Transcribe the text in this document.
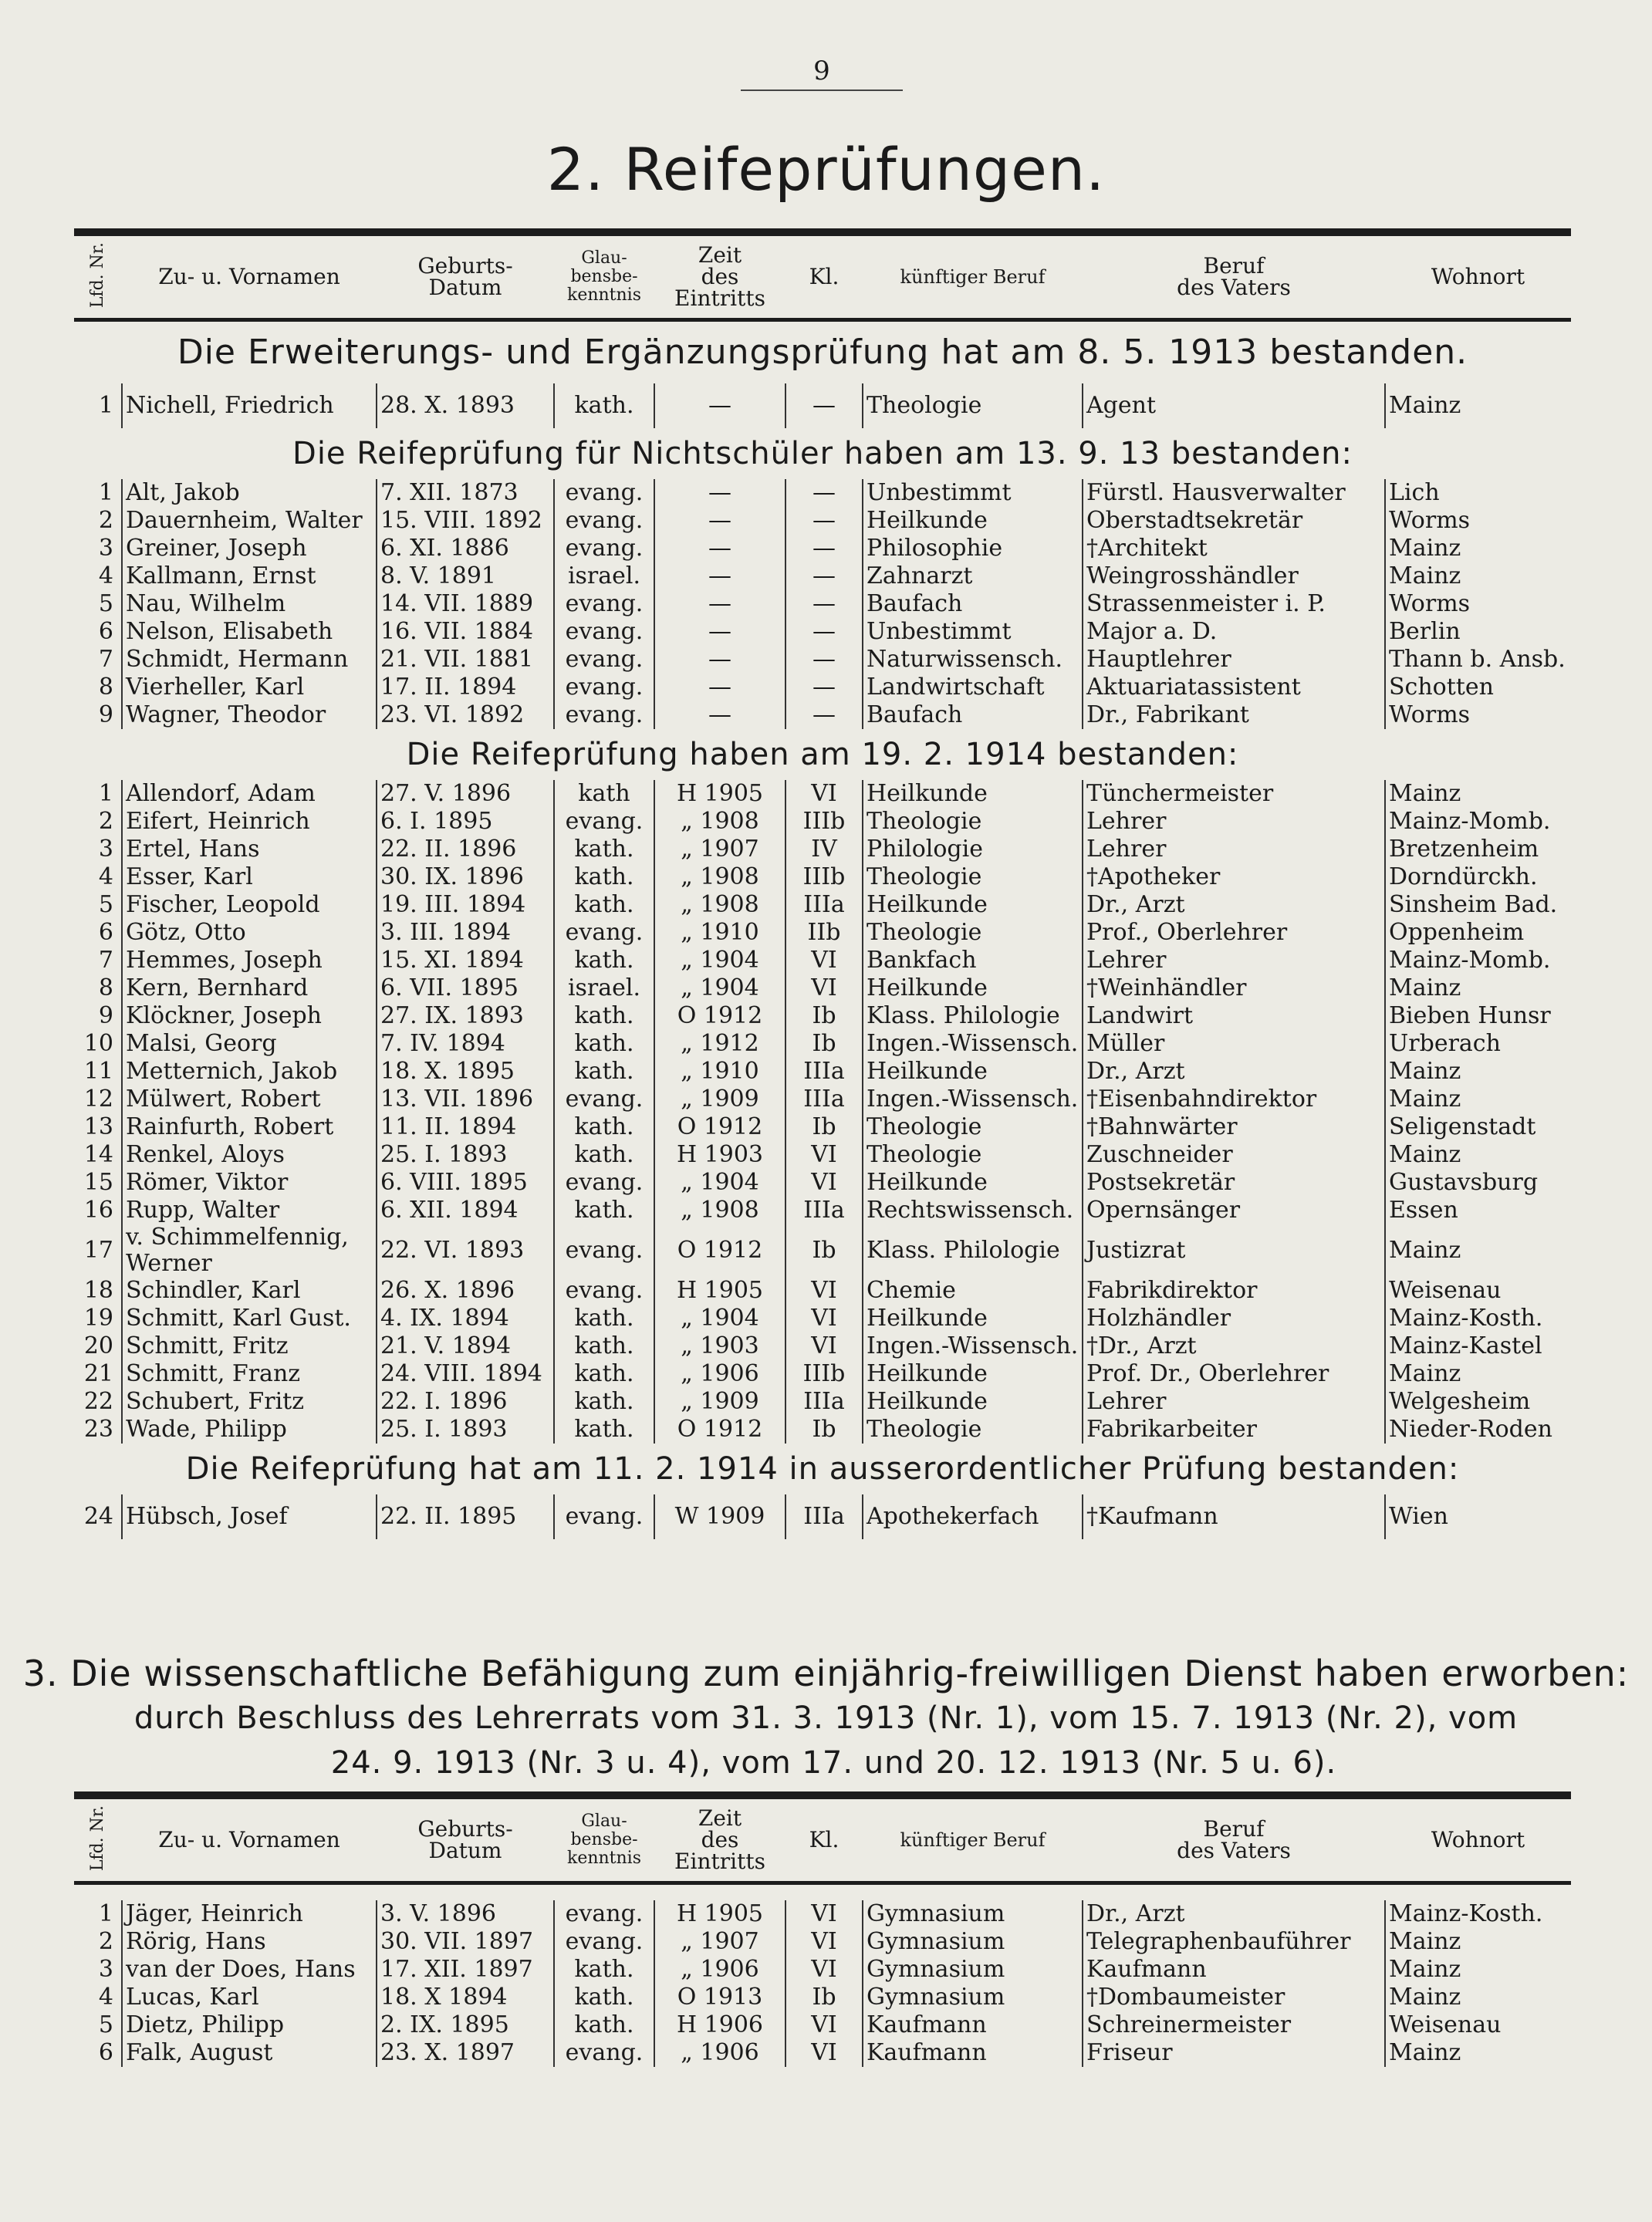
9
2. Reifeprüfungen.
Lfd. Nr.	Zu- u. Vornamen	Geburts- Datum	Glau- bensbe- kenntnis	Zeit
des Eintritts	Kl.	künftiger Beruf	Beruf
des Vaters	Wohnort
Die Erweiterungs- und Ergänzungsprüfung hat am 8. 5. 1913 bestanden.								
1	Nichell, Friedrich	28. X. 1893	kath.	—	—	Theologie	Agent	Mainz
Die Reifeprüfung für Nichtschüler haben am 13. 9. 13 bestanden:								
1	Alt, Jakob	7. XII. 1873	evang.	—	—	Unbestimmt	Fürstl. Hausverwalter	Lich
2	Dauernheim, Walter	15. VIII. 1892	evang.	—	—	Heilkunde	Oberstadtsekretär	Worms
3	Greiner, Joseph	6. XI. 1886	evang.	—	—	Philosophie	†Architekt	Mainz
4	Kallmann, Ernst	8. V. 1891	israel.	—	—	Zahnarzt	Weingrosshändler	Mainz
5	Nau, Wilhelm	14. VII. 1889	evang.	—	—	Baufach	Strassenmeister i. P.	Worms
6	Nelson, Elisabeth	16. VII. 1884	evang.	—	—	Unbestimmt	Major a. D.	Berlin
7	Schmidt, Hermann	21. VII. 1881	evang.	—	—	Naturwissensch.	Hauptlehrer	Thann b. Ansb.
8	Vierheller, Karl	17. II. 1894	evang.	—	—	Landwirtschaft	Aktuariatassistent	Schotten
9	Wagner, Theodor	23. VI. 1892	evang.	—	—	Baufach	Dr., Fabrikant	Worms
Die Reifeprüfung haben am 19. 2. 1914 bestanden:								
1	Allendorf, Adam	27. V. 1896	kath	H 1905	VI	Heilkunde	Tünchermeister	Mainz
2	Eifert, Heinrich	6. I. 1895	evang.	„ 1908	IIIb	Theologie	Lehrer	Mainz-Momb.
3	Ertel, Hans	22. II. 1896	kath.	„ 1907	IV	Philologie	Lehrer	Bretzenheim
4	Esser, Karl	30. IX. 1896	kath.	„ 1908	IIIb	Theologie	†Apotheker	Dorndürckh.
5	Fischer, Leopold	19. III. 1894	kath.	„ 1908	IIIa	Heilkunde	Dr., Arzt	Sinsheim Bad.
6	Götz, Otto	3. III. 1894	evang.	„ 1910	IIb	Theologie	Prof., Oberlehrer	Oppenheim
7	Hemmes, Joseph	15. XI. 1894	kath.	„ 1904	VI	Bankfach	Lehrer	Mainz-Momb.
8	Kern, Bernhard	6. VII. 1895	israel.	„ 1904	VI	Heilkunde	†Weinhändler	Mainz
9	Klöckner, Joseph	27. IX. 1893	kath.	O 1912	Ib	Klass. Philologie	Landwirt	Bieben Hunsr
10	Malsi, Georg	7. IV. 1894	kath.	„ 1912	Ib	Ingen.-Wissensch.	Müller	Urberach
11	Metternich, Jakob	18. X. 1895	kath.	„ 1910	IIIa	Heilkunde	Dr., Arzt	Mainz
12	Mülwert, Robert	13. VII. 1896	evang.	„ 1909	IIIa	Ingen.-Wissensch.	†Eisenbahndirektor	Mainz
13	Rainfurth, Robert	11. II. 1894	kath.	O 1912	Ib	Theologie	†Bahnwärter	Seligenstadt
14	Renkel, Aloys	25. I. 1893	kath.	H 1903	VI	Theologie	Zuschneider	Mainz
15	Römer, Viktor	6. VIII. 1895	evang.	„ 1904	VI	Heilkunde	Postsekretär	Gustavsburg
16	Rupp, Walter	6. XII. 1894	kath.	„ 1908	IIIa	Rechtswissensch.	Opernsänger	Essen
17	v. Schimmelfennig, Werner	22. VI. 1893	evang.	O 1912	Ib	Klass. Philologie	Justizrat	Mainz
18	Schindler, Karl	26. X. 1896	evang.	H 1905	VI	Chemie	Fabrikdirektor	Weisenau
19	Schmitt, Karl Gust.	4. IX. 1894	kath.	„ 1904	VI	Heilkunde	Holzhändler	Mainz-Kosth.
20	Schmitt, Fritz	21. V. 1894	kath.	„ 1903	VI	Ingen.-Wissensch.	†Dr., Arzt	Mainz-Kastel
21	Schmitt, Franz	24. VIII. 1894	kath.	„ 1906	IIIb	Heilkunde	Prof. Dr., Oberlehrer	Mainz
22	Schubert, Fritz	22. I. 1896	kath.	„ 1909	IIIa	Heilkunde	Lehrer	Welgesheim
23	Wade, Philipp	25. I. 1893	kath.	O 1912	Ib	Theologie	Fabrikarbeiter	Nieder-Roden
Die Reifeprüfung hat am 11. 2. 1914 in ausserordentlicher Prüfung bestanden:								
24	Hübsch, Josef	22. II. 1895	evang.	W 1909	IIIa	Apothekerfach	†Kaufmann	Wien
3. Die wissenschaftliche Befähigung zum einjährig-freiwilligen Dienst haben erworben:
durch Beschluss des Lehrerrats vom 31. 3. 1913 (Nr. 1), vom 15. 7. 1913 (Nr. 2), vom
24. 9. 1913 (Nr. 3 u. 4), vom 17. und 20. 12. 1913 (Nr. 5 u. 6).
Lfd. Nr.	Zu- u. Vornamen	Geburts- Datum	Glau- bensbe- kenntnis	Zeit
des Eintritts	Kl.	künftiger Beruf	Beruf
des Vaters	Wohnort

1	Jäger, Heinrich	3. V. 1896	evang.	H 1905	VI	Gymnasium	Dr., Arzt	Mainz-Kosth.
2	Rörig, Hans	30. VII. 1897	evang.	„ 1907	VI	Gymnasium	Telegraphenbauführer	Mainz
3	van der Does, Hans	17. XII. 1897	kath.	„ 1906	VI	Gymnasium	Kaufmann	Mainz
4	Lucas, Karl	18. X 1894	kath.	O 1913	Ib	Gymnasium	†Dombaumeister	Mainz
5	Dietz, Philipp	2. IX. 1895	kath.	H 1906	VI	Kaufmann	Schreinermeister	Weisenau
6	Falk, August	23. X. 1897	evang.	„ 1906	VI	Kaufmann	Friseur	Mainz
